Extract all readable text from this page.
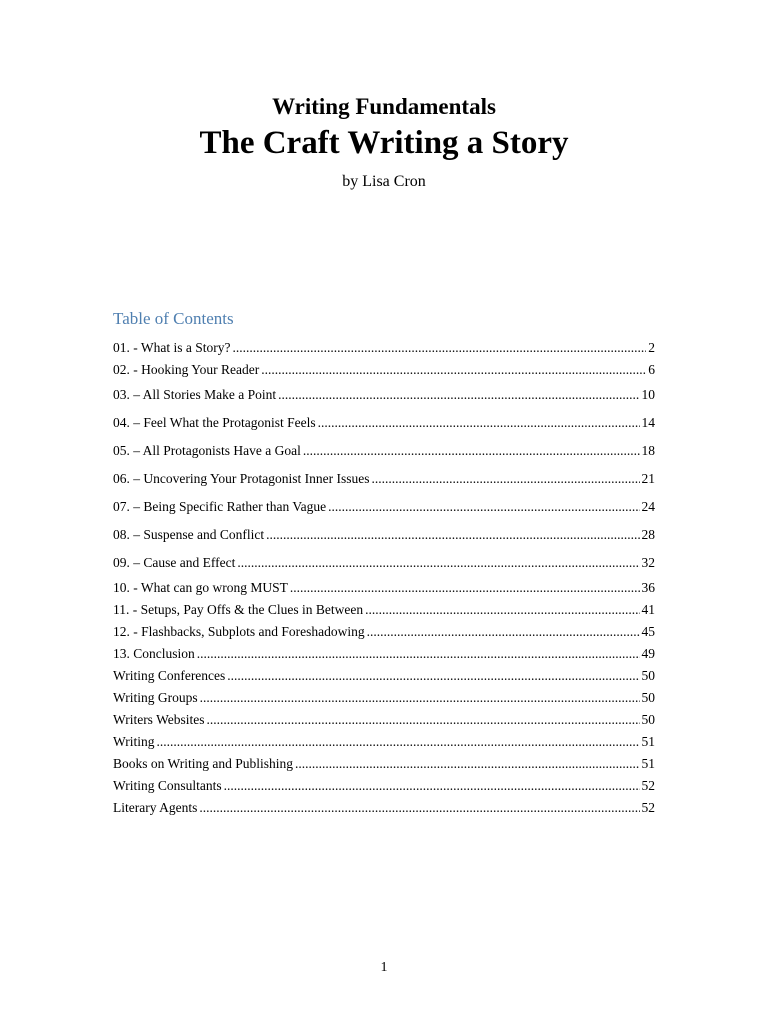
Writing Fundamentals
The Craft Writing a Story

by Lisa Cron

Table of Contents
01. - What is a Story? .....	2
02. - Hooking Your Reader .....	6
03. – All Stories Make a Point .....	10
04. – Feel What the Protagonist Feels .....	14
05. – All Protagonists Have a Goal .....	18
06. – Uncovering Your Protagonist Inner Issues .....	21
07. – Being Specific Rather than Vague .....	24
08. – Suspense and Conflict .....	28
09. – Cause and Effect .....	32
10. - What can go wrong MUST .....	36
11. - Setups, Pay Offs & the Clues in Between .....	41
12. - Flashbacks, Subplots and Foreshadowing .....	45
13. Conclusion .....	49
Writing Conferences .....	50
Writing Groups .....	50
Writers Websites .....	50
Writing .....	51
Books on Writing and Publishing .....	51
Writing Consultants .....	52
Literary Agents .....	52
1
